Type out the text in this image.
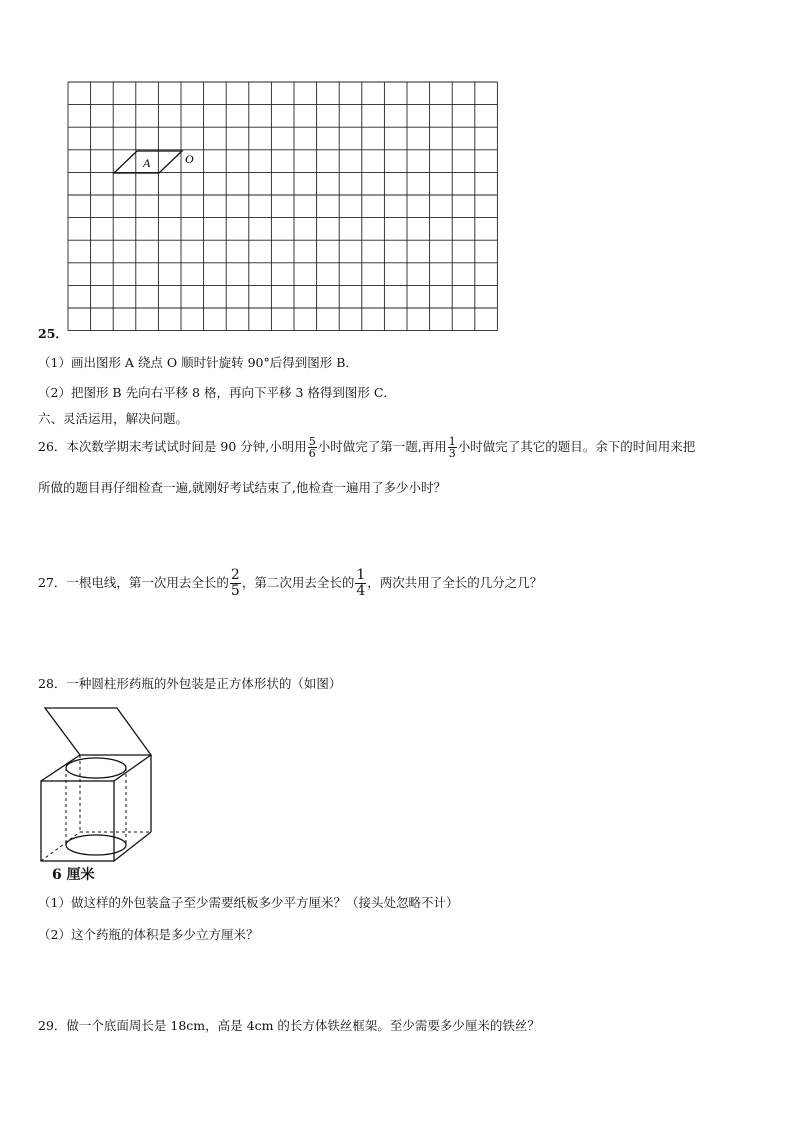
A	O
25．
（1）画出图形 A 绕点 O 顺时针旋转 90°后得到图形 B．
（2）把图形 B 先向右平移 8 格，再向下平移 3 格得到图形 C．
六、灵活运用，解决问题。
26．本次数学期末考试试时间是 90 分钟,小明用 $\frac{5}{6}$ 小时做完了第一题,再用 $\frac{1}{3}$ 小时做完了其它的题目。余下的时间用来把
所做的题目再仔细检查一遍,就刚好考试结束了,他检查一遍用了多少小时？
27．一根电线，第一次用去全长的 $\frac{2}{5}$ ，第二次用去全长的 $\frac{1}{4}$ ，两次共用了全长的几分之几？
28．一种圆柱形药瓶的外包装是正方体形状的（如图）
6 厘米
（1）做这样的外包装盒子至少需要纸板多少平方厘米？（接头处忽略不计）
（2）这个药瓶的体积是多少立方厘米？
29．做一个底面周长是 18cm，高是 4cm 的长方体铁丝框架。至少需要多少厘米的铁丝？
